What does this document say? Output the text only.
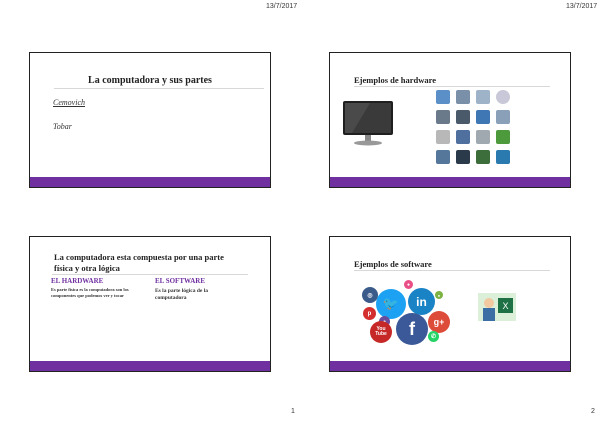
13/7/2017	13/7/2017
La computadora y sus partes
Cemovich
Tobar
Ejemplos de hardware
La computadora esta compuesta por una parte
física y otra lógica
EL HARDWARE
Es parte física es la computadora son los componentes que podemos ver y tocar
EL SOFTWARE
Es la parte lógica de la computadora
Ejemplos de software
◎
🐦
●
in	●
p
You Tube	f	g+
✆
X
1	2
